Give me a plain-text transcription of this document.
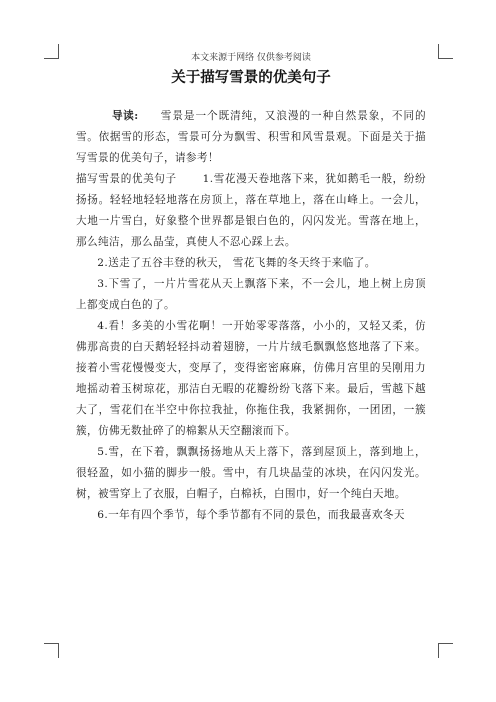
本文来源于网络 仅供参考阅读
关于描写雪景的优美句子

导读: 雪景是一个既清纯，又浪漫的一种自然景象，不同的雪。依据雪的形态，雪景可分为飘雪、积雪和风雪景观。下面是关于描写雪景的优美句子，请参考！

描写雪景的优美句子 1.雪花漫天卷地落下来，犹如鹅毛一般，纷纷扬扬。轻轻地轻轻地落在房顶上，落在草地上，落在山峰上。一会儿，大地一片雪白，好象整个世界都是银白色的，闪闪发光。雪落在地上，那么纯洁，那么晶莹，真使人不忍心踩上去。

2.送走了五谷丰登的秋天， 雪花飞舞的冬天终于来临了。

3.下雪了，一片片雪花从天上飘落下来，不一会儿，地上树上房顶上都变成白色的了。

4.看！多美的小雪花啊！一开始零零落落，小小的，又轻又柔，仿佛那高贵的白天鹅轻轻抖动着翅膀，一片片绒毛飘飘悠悠地落了下来。接着小雪花慢慢变大，变厚了，变得密密麻麻，仿佛月宫里的吴刚用力地摇动着玉树琼花，那洁白无暇的花瓣纷纷飞落下来。最后，雪越下越大了，雪花们在半空中你拉我扯，你拖住我，我紧拥你，一团团，一簇簇，仿佛无数扯碎了的棉絮从天空翻滚而下。

5.雪，在下着，飘飘扬扬地从天上落下，落到屋顶上，落到地上，很轻盈，如小猫的脚步一般。雪中，有几块晶莹的冰块，在闪闪发光。树，被雪穿上了衣服，白帽子，白棉袄，白围巾，好一个纯白天地。

6.一年有四个季节，每个季节都有不同的景色，而我最喜欢冬天
